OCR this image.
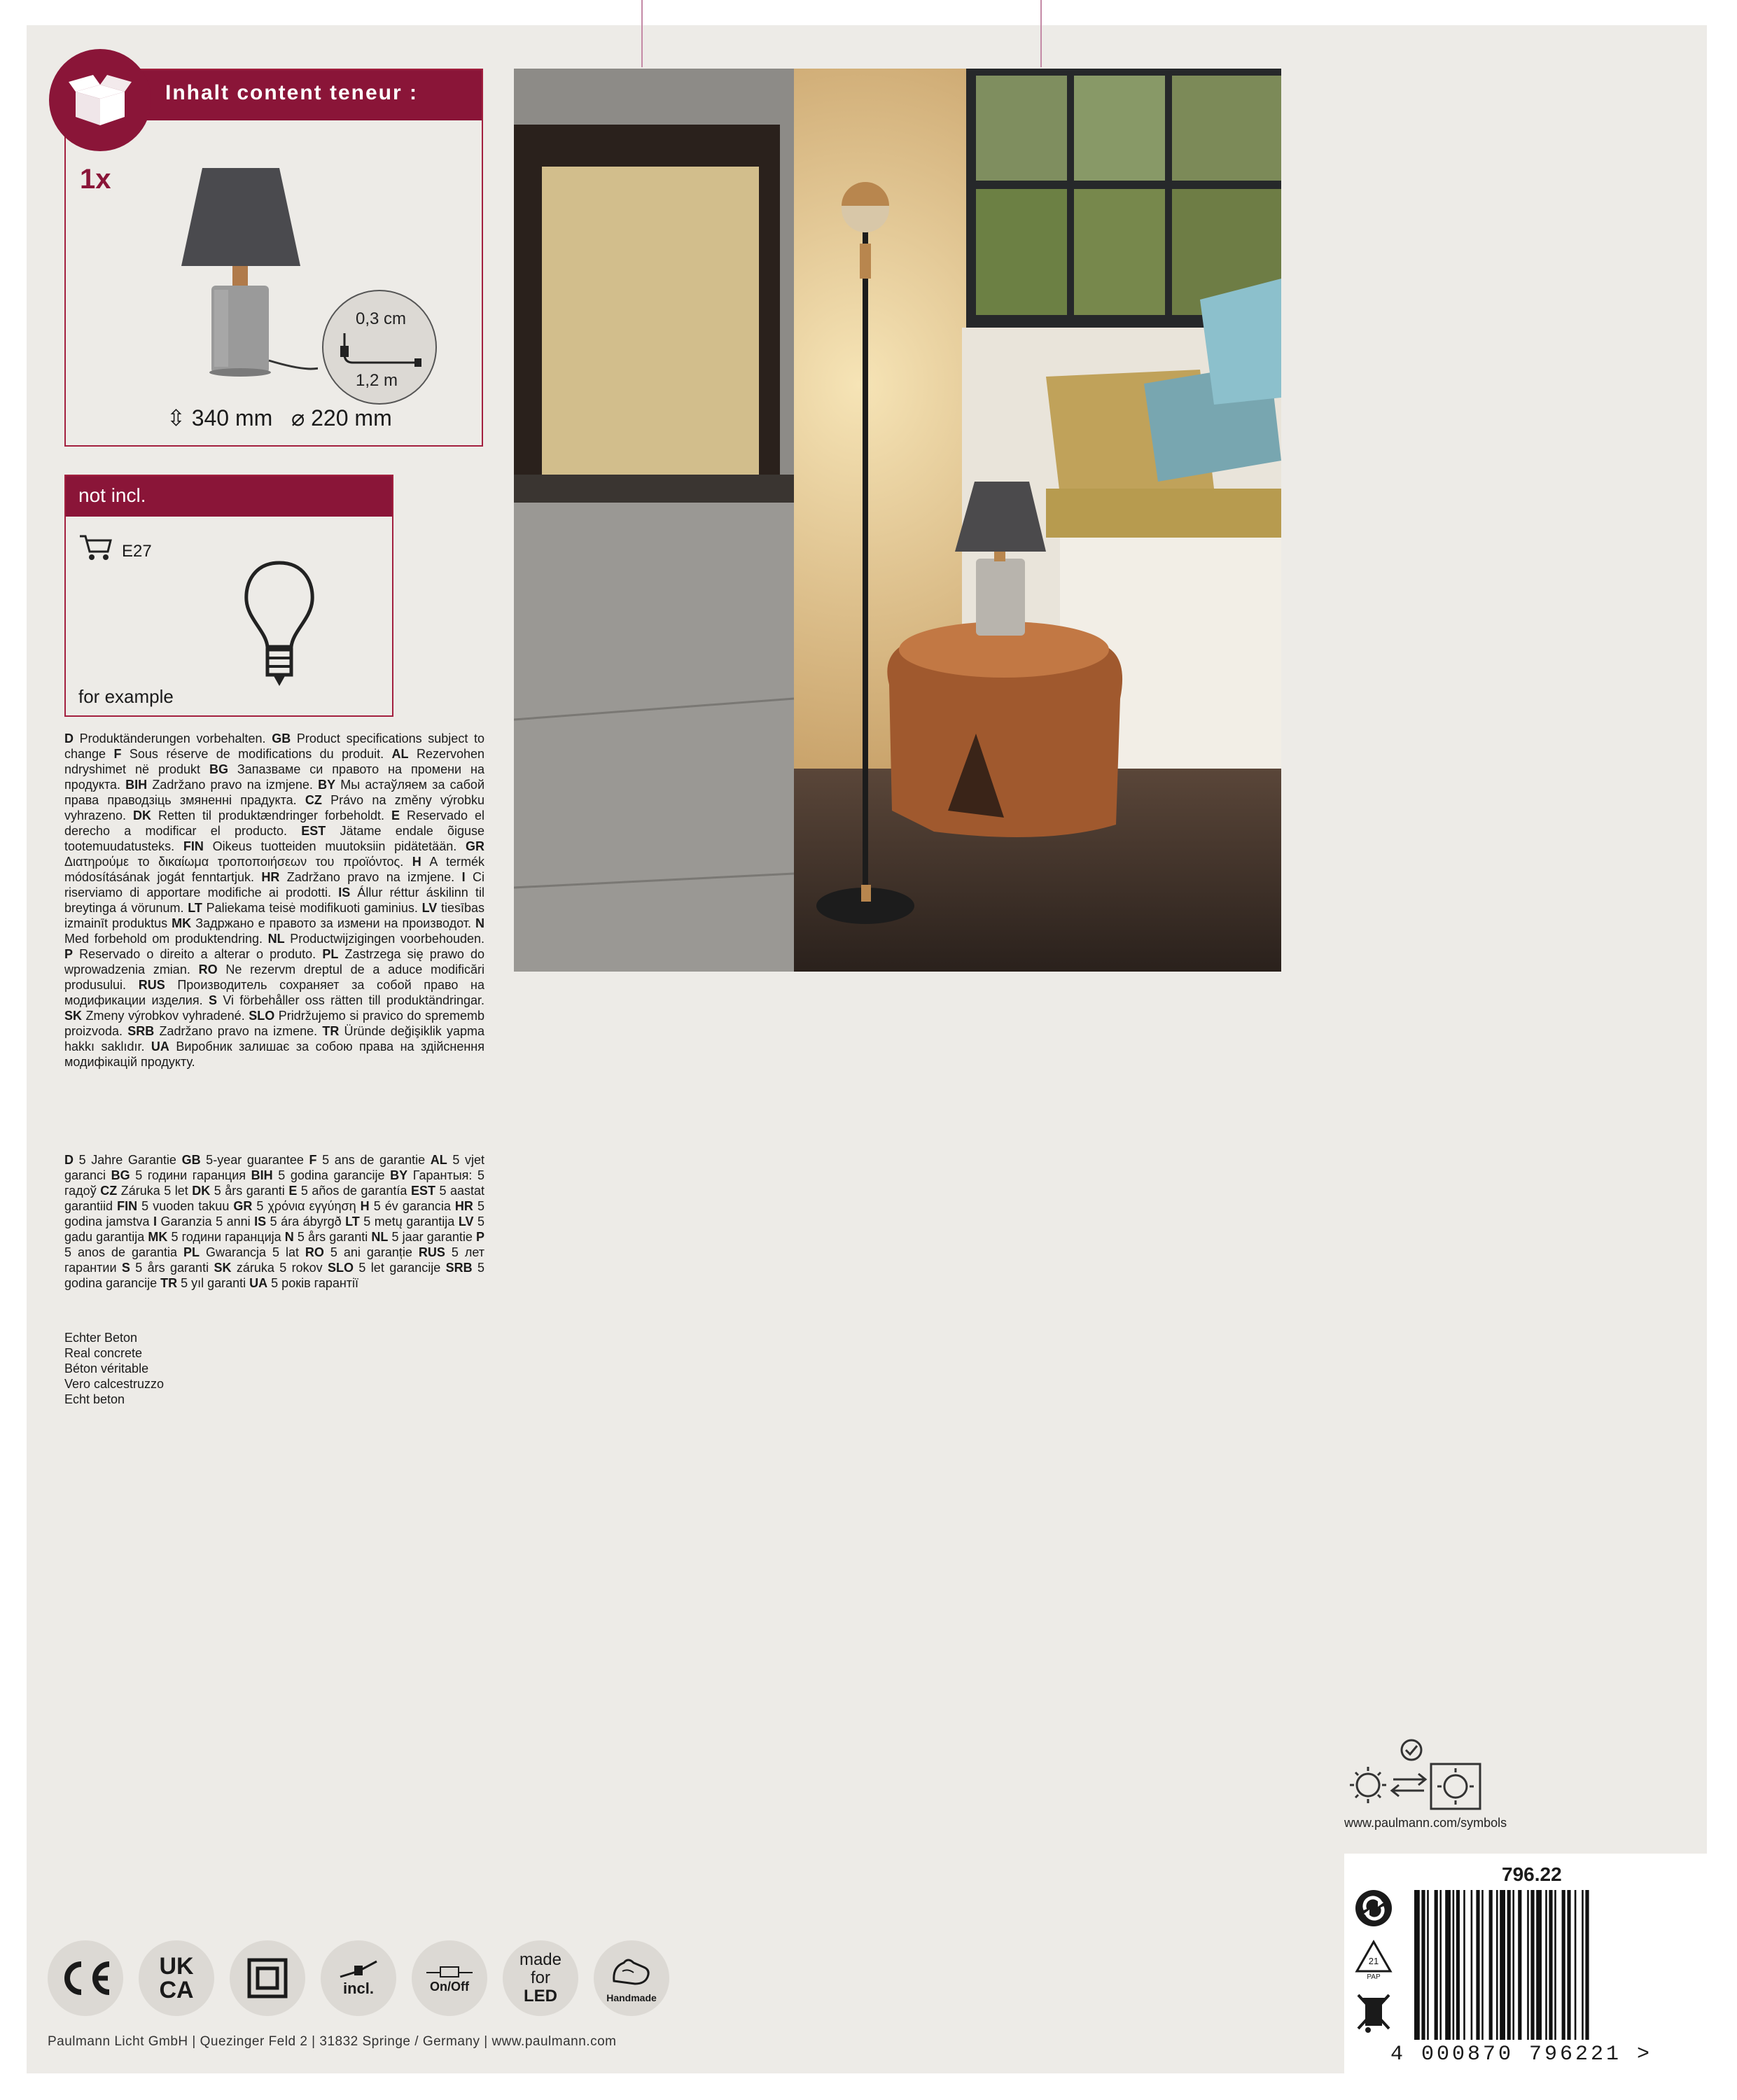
Inhalt content teneur :
1x
0,3 cm
1,2 m
⇳ 340 mm ⌀ 220 mm
not incl.
E27
for example
D Produktänderungen vorbehalten. GB Product specifications subject to change F Sous réserve de modifications du produit. AL Rezervohen ndryshimet në produkt BG Запазваме си правото на промени на продукта. BIH Zadržano pravo na izmjene. BY Мы астаўляем за сабой права праводзіць змяненні прадукта. CZ Právo na změny výrobku vyhrazeno. DK Retten til produktændringer forbeholdt. E Reservado el derecho a modificar el producto. EST Jätame endale õiguse tootemuudatusteks. FIN Oikeus tuotteiden muutoksiin pidätetään. GR Διατηρούμε το δικαίωμα τροποποιήσεων του προϊόντος. H A termék módosításának jogát fenntartjuk. HR Zadržano pravo na izmjene. I Ci riserviamo di apportare modifiche ai prodotti. IS Állur réttur áskilinn til breytinga á vörunum. LT Paliekama teisė modifikuoti gaminius. LV tiesības izmainīt produktus MK Задржано е правото за измени на производот. N Med forbehold om produktendring. NL Productwijzigingen voorbehouden. P Reservado o direito a alterar o produto. PL Zastrzega się prawo do wprowadzenia zmian. RO Ne rezervm dreptul de a aduce modificări produsului. RUS Производитель сохраняет за собой право на модификации изделия. S Vi förbehåller oss rätten till produktändringar. SK Zmeny výrobkov vyhradené. SLO Pridržujemo si pravico do sprememb proizvoda. SRB Zadržano pravo na izmene. TR Üründe değişiklik yapma hakkı saklıdır. UA Виробник залишає за собою права на здійснення модифікацій продукту.
D 5 Jahre Garantie GB 5-year guarantee F 5 ans de garantie AL 5 vjet garanci BG 5 години гаранция BIH 5 godina garancije BY Гарантыя: 5 гадоў CZ Záruka 5 let DK 5 års garanti E 5 años de garantía EST 5 aastat garantiid FIN 5 vuoden takuu GR 5 χρόνια εγγύηση H 5 év garancia HR 5 godina jamstva I Garanzia 5 anni IS 5 ára ábyrgð LT 5 metų garantija LV 5 gadu garantija MK 5 години гаранција N 5 års garanti NL 5 jaar garantie P 5 anos de garantia PL Gwarancja 5 lat RO 5 ani garanție RUS 5 лет гарантии S 5 års garanti SK záruka 5 rokov SLO 5 let garancije SRB 5 godina garancije TR 5 yıl garanti UA 5 років гарантії
Echter Beton
Real concrete
Béton véritable
Vero calcestruzzo
Echt beton
www.paulmann.com/symbols
796.22
21
PAP
4 000870 796221 >
UK
CA	incl.	On/Off
made
for
LED	Handmade
Paulmann Licht GmbH | Quezinger Feld 2 | 31832 Springe / Germany | www.paulmann.com
